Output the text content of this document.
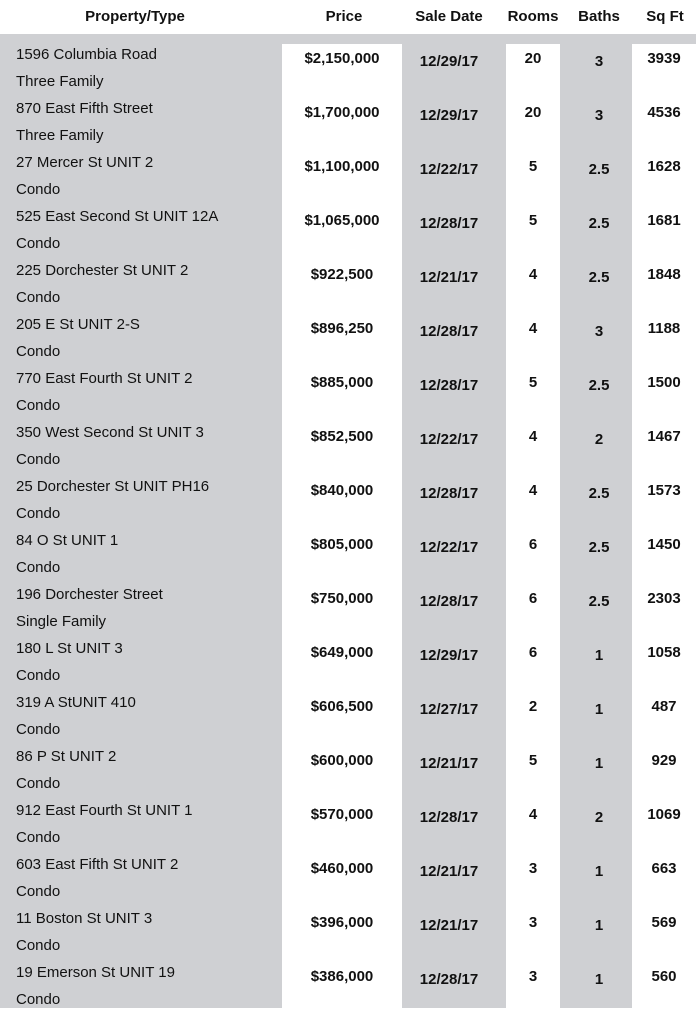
Property/Type	Price	Sale Date	Rooms	Baths	Sq Ft
1596 Columbia Road
Three Family
$2,150,000	12/29/17	20	3	3939
870 East Fifth Street
Three Family
$1,700,000	12/29/17	20	3	4536
27 Mercer St UNIT 2
Condo
$1,100,000	12/22/17	5	2.5	1628
525 East Second St UNIT 12A
Condo
$1,065,000	12/28/17	5	2.5	1681
225 Dorchester St UNIT 2
Condo
$922,500	12/21/17	4	2.5	1848
205 E St UNIT 2-S
Condo
$896,250	12/28/17	4	3	1188
770 East Fourth St UNIT 2
Condo
$885,000	12/28/17	5	2.5	1500
350 West Second St UNIT 3
Condo
$852,500	12/22/17	4	2	1467
25 Dorchester St UNIT PH16
Condo
$840,000	12/28/17	4	2.5	1573
84 O St UNIT 1
Condo
$805,000	12/22/17	6	2.5	1450
196 Dorchester Street
Single Family
$750,000	12/28/17	6	2.5	2303
180 L St UNIT 3
Condo
$649,000	12/29/17	6	1	1058
319 A StUNIT 410
Condo
$606,500	12/27/17	2	1	487
86 P St UNIT 2
Condo
$600,000	12/21/17	5	1	929
912 East Fourth St UNIT 1
Condo
$570,000	12/28/17	4	2	1069
603 East Fifth St UNIT 2
Condo
$460,000	12/21/17	3	1	663
11 Boston St UNIT 3
Condo
$396,000	12/21/17	3	1	569
19 Emerson St UNIT 19
Condo
$386,000	12/28/17	3	1	560
